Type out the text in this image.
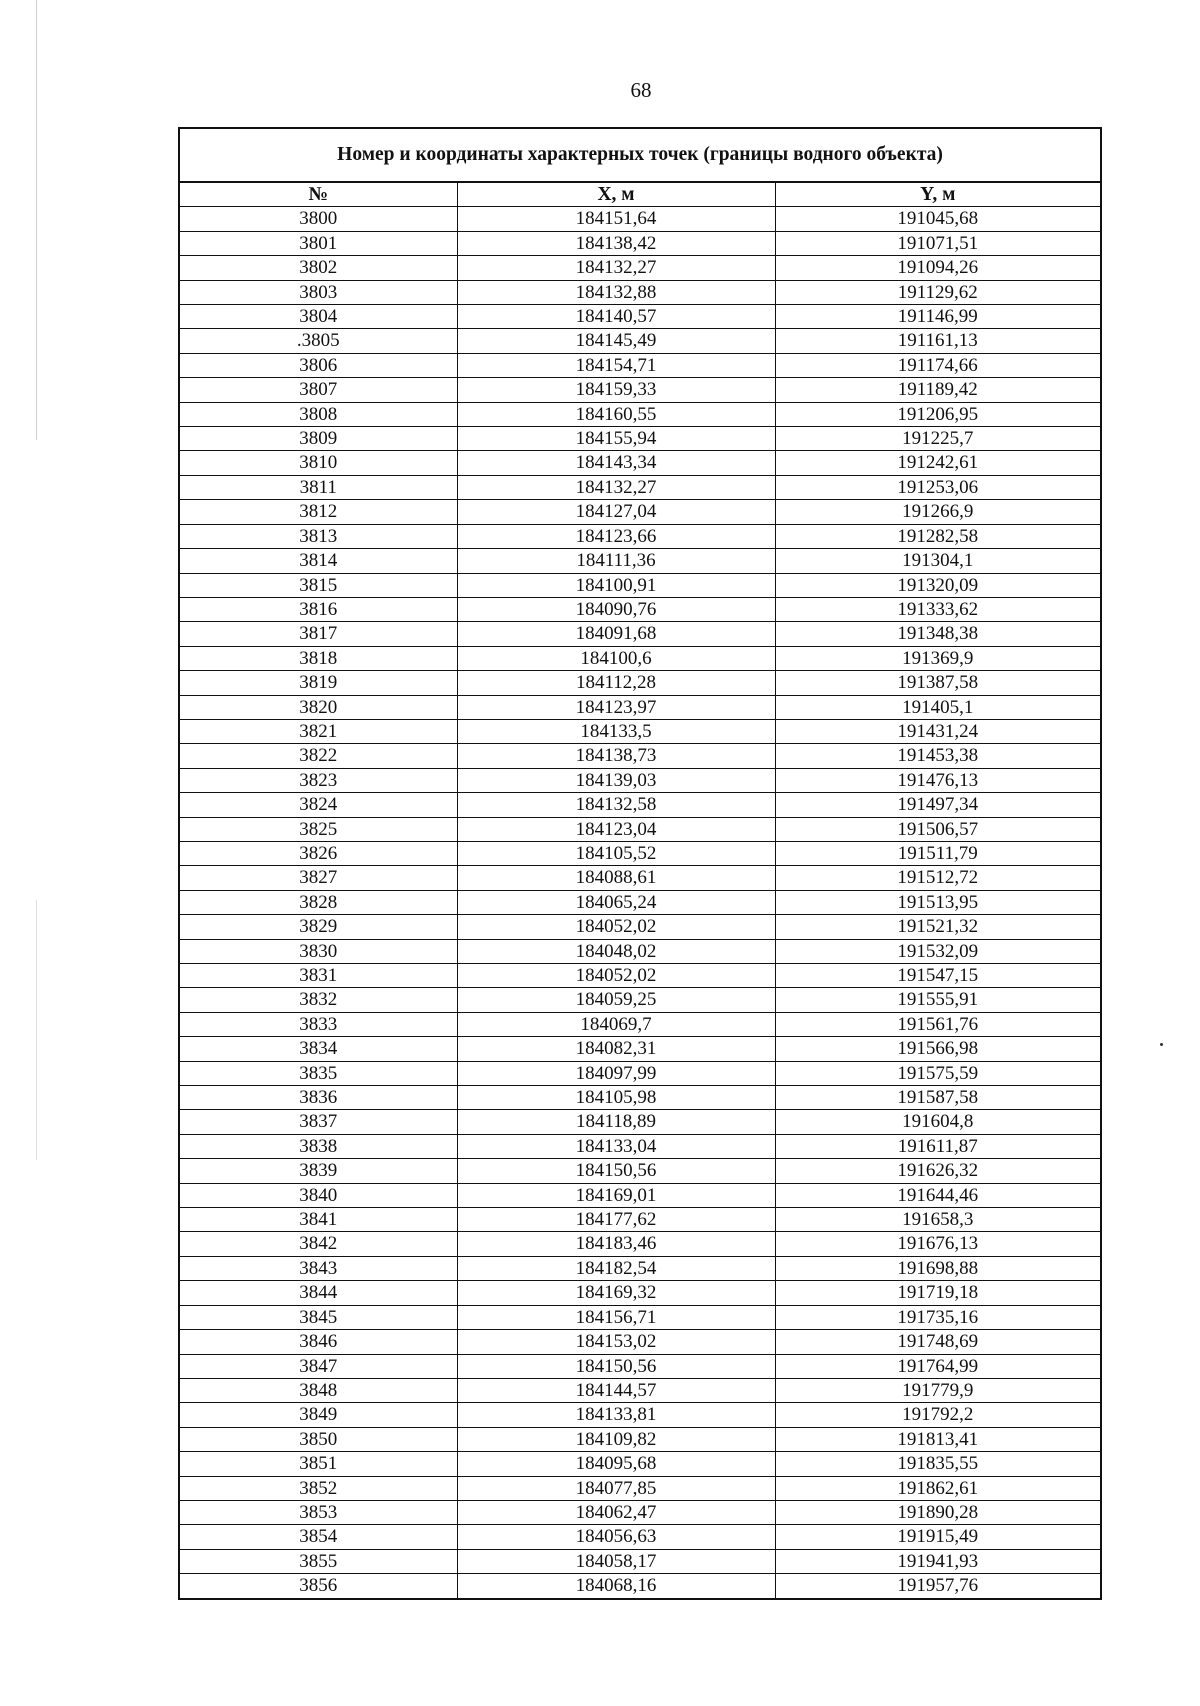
68
Номер и координаты характерных точек (границы водного объекта)		
№	X, м	Y, м
3800	184151,64	191045,68
3801	184138,42	191071,51
3802	184132,27	191094,26
3803	184132,88	191129,62
3804	184140,57	191146,99
.3805	184145,49	191161,13
3806	184154,71	191174,66
3807	184159,33	191189,42
3808	184160,55	191206,95
3809	184155,94	191225,7
3810	184143,34	191242,61
3811	184132,27	191253,06
3812	184127,04	191266,9
3813	184123,66	191282,58
3814	184111,36	191304,1
3815	184100,91	191320,09
3816	184090,76	191333,62
3817	184091,68	191348,38
3818	184100,6	191369,9
3819	184112,28	191387,58
3820	184123,97	191405,1
3821	184133,5	191431,24
3822	184138,73	191453,38
3823	184139,03	191476,13
3824	184132,58	191497,34
3825	184123,04	191506,57
3826	184105,52	191511,79
3827	184088,61	191512,72
3828	184065,24	191513,95
3829	184052,02	191521,32
3830	184048,02	191532,09
3831	184052,02	191547,15
3832	184059,25	191555,91
3833	184069,7	191561,76
3834	184082,31	191566,98
3835	184097,99	191575,59
3836	184105,98	191587,58
3837	184118,89	191604,8
3838	184133,04	191611,87
3839	184150,56	191626,32
3840	184169,01	191644,46
3841	184177,62	191658,3
3842	184183,46	191676,13
3843	184182,54	191698,88
3844	184169,32	191719,18
3845	184156,71	191735,16
3846	184153,02	191748,69
3847	184150,56	191764,99
3848	184144,57	191779,9
3849	184133,81	191792,2
3850	184109,82	191813,41
3851	184095,68	191835,55
3852	184077,85	191862,61
3853	184062,47	191890,28
3854	184056,63	191915,49
3855	184058,17	191941,93
3856	184068,16	191957,76
